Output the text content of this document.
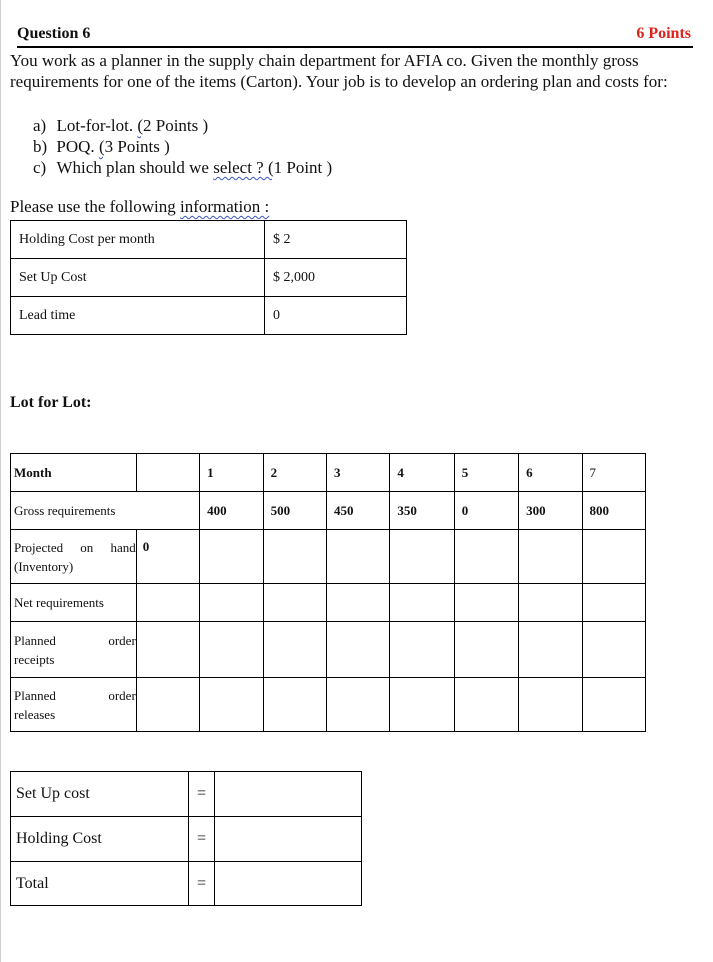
Question 6	6 Points

You work as a planner in the supply chain department for AFIA co. Given the monthly gross requirements for one of the items (Carton). Your job is to develop an ordering plan and costs for:

a) Lot-for-lot. (2 Points )
b) POQ. (3 Points )
c) Which plan should we select ? (1 Point )
Please use the following information :
Holding Cost per month	$ 2
Set Up Cost	$ 2,000
Lead time	0
Lot for Lot:
Month		1	2	3	4	5	6	7
Gross requirements		400	500	450	350	0	300	800
Projected on hand (Inventory)	0							
Net requirements								
Planned order receipts								
Planned order releases								
Set Up cost	=	
Holding Cost	=	
Total	=	
